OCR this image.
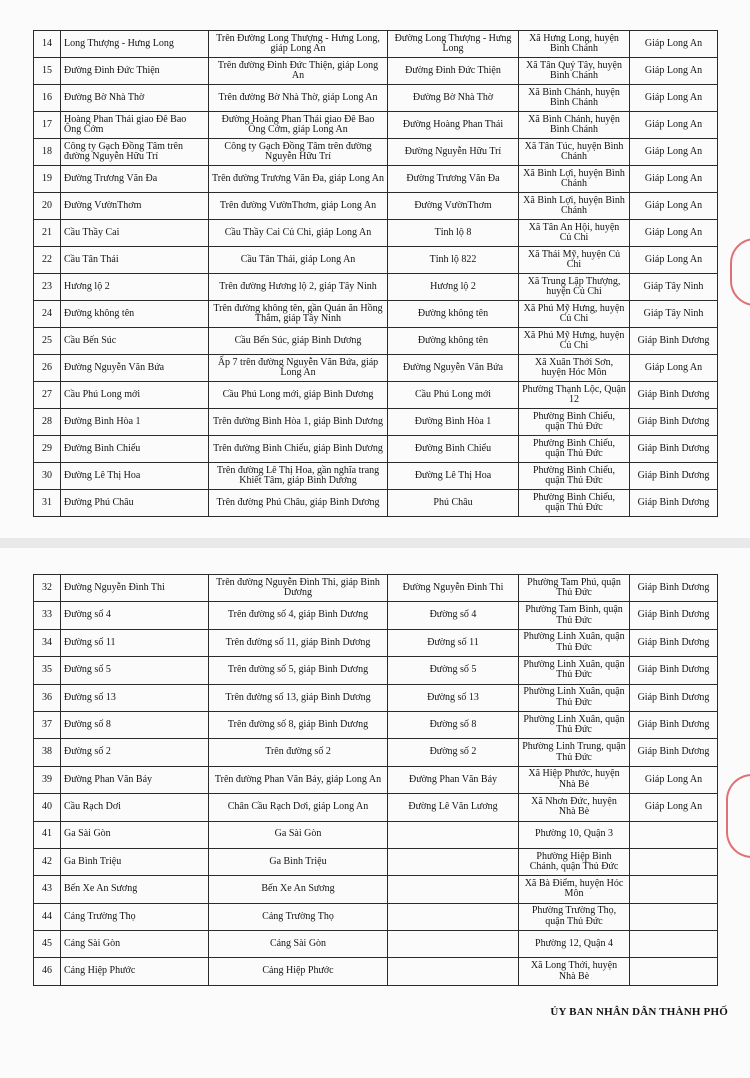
14	Long Thượng - Hưng Long	Trên Đường Long Thượng - Hưng Long, giáp Long An	Đường Long Thượng - Hưng Long	Xã Hưng Long, huyện Bình Chánh	Giáp Long An
15	Đường Đinh Đức Thiện	Trên đường Đinh Đức Thiện, giáp Long An	Đường Đinh Đức Thiện	Xã Tân Quý Tây, huyện Bình Chánh	Giáp Long An
16	Đường Bờ Nhà Thờ	Trên đường Bờ Nhà Thờ, giáp Long An	Đường Bờ Nhà Thờ	Xã Bình Chánh, huyện Bình Chánh	Giáp Long An
17	Hoàng Phan Thái giao Đê Bao Ông Cớm	Đường Hoàng Phan Thái giao Đê Bao Ông Cớm, giáp Long An	Đường Hoàng Phan Thái	Xã Bình Chánh, huyện Bình Chánh	Giáp Long An
18	Công ty Gạch Đồng Tâm trên đường Nguyễn Hữu Trí	Công ty Gạch Đồng Tâm trên đường Nguyễn Hữu Trí	Đường Nguyễn Hữu Trí	Xã Tân Túc, huyện Bình Chánh	Giáp Long An
19	Đường Trương Văn Đa	Trên đường Trương Văn Đa, giáp Long An	Đường Trương Văn Đa	Xã Bình Lợi, huyện Bình Chánh	Giáp Long An
20	Đường VườnThơm	Trên đường VườnThơm, giáp Long An	Đường VườnThơm	Xã Bình Lợi, huyện Bình Chánh	Giáp Long An
21	Cầu Thầy Cai	Cầu Thầy Cai Củ Chi, giáp Long An	Tỉnh lộ 8	Xã Tân An Hội, huyện Củ Chi	Giáp Long An
22	Cầu Tân Thái	Cầu Tân Thái, giáp Long An	Tỉnh lộ 822	Xã Thái Mỹ, huyện Củ Chi	Giáp Long An
23	Hương lộ 2	Trên đường Hương lộ 2, giáp Tây Ninh	Hương lộ 2	Xã Trung Lập Thượng, huyện Củ Chi	Giáp Tây Ninh
24	Đường không tên	Trên đường không tên, gần Quán ăn Hồng Thắm, giáp Tây Ninh	Đường không tên	Xã Phú Mỹ Hưng, huyện Củ Chi	Giáp Tây Ninh
25	Cầu Bến Súc	Cầu Bến Súc, giáp Bình Dương	Đường không tên	Xã Phú Mỹ Hưng, huyện Củ Chi	Giáp Bình Dương
26	Đường Nguyễn Văn Bứa	Ấp 7 trên đường Nguyễn Văn Bứa, giáp Long An	Đường Nguyễn Văn Bứa	Xã Xuân Thới Sơn, huyện Hóc Môn	Giáp Long An
27	Cầu Phú Long mới	Cầu Phú Long mới, giáp Bình Dương	Cầu Phú Long mới	Phường Thạnh Lộc, Quận 12	Giáp Bình Dương
28	Đường Bình Hòa 1	Trên đường Bình Hòa 1, giáp Bình Dương	Đường Bình Hòa 1	Phường Bình Chiểu, quận Thủ Đức	Giáp Bình Dương
29	Đường Bình Chiểu	Trên đường Bình Chiểu, giáp Bình Dương	Đường Bình Chiểu	Phường Bình Chiểu, quận Thủ Đức	Giáp Bình Dương
30	Đường Lê Thị Hoa	Trên đường Lê Thị Hoa, gần nghĩa trang Khiết Tâm, giáp Bình Dương	Đường Lê Thị Hoa	Phường Bình Chiểu, quận Thủ Đức	Giáp Bình Dương
31	Đường Phú Châu	Trên đường Phú Châu, giáp Bình Dương	Phú Châu	Phường Bình Chiểu, quận Thủ Đức	Giáp Bình Dương
32	Đường Nguyễn Đình Thi	Trên đường Nguyễn Đình Thi, giáp Bình Dương	Đường Nguyễn Đình Thi	Phường Tam Phú, quận Thủ Đức	Giáp Bình Dương
33	Đường số 4	Trên đường số 4, giáp Bình Dương	Đường số 4	Phường Tam Bình, quận Thủ Đức	Giáp Bình Dương
34	Đường số 11	Trên đường số 11, giáp Bình Dương	Đường số 11	Phường Linh Xuân, quận Thủ Đức	Giáp Bình Dương
35	Đường số 5	Trên đường số 5, giáp Bình Dương	Đường số 5	Phường Linh Xuân, quận Thủ Đức	Giáp Bình Dương
36	Đường số 13	Trên đường số 13, giáp Bình Dương	Đường số 13	Phường Linh Xuân, quận Thủ Đức	Giáp Bình Dương
37	Đường số 8	Trên đường số 8, giáp Bình Dương	Đường số 8	Phường Linh Xuân, quận Thủ Đức	Giáp Bình Dương
38	Đường số 2	Trên đường số 2	Đường số 2	Phường Linh Trung, quận Thủ Đức	Giáp Bình Dương
39	Đường Phan Văn Bảy	Trên đường Phan Văn Bảy, giáp Long An	Đường Phan Văn Bảy	Xã Hiệp Phước, huyện Nhà Bè	Giáp Long An
40	Cầu Rạch Dơi	Chân Cầu Rạch Dơi, giáp Long An	Đường Lê Văn Lương	Xã Nhơn Đức, huyện Nhà Bè	Giáp Long An
41	Ga Sài Gòn	Ga Sài Gòn		Phường 10, Quận 3	
42	Ga Bình Triệu	Ga Bình Triệu		Phường Hiệp Bình Chánh, quận Thủ Đức	
43	Bến Xe An Sương	Bến Xe An Sương		Xã Bà Điểm, huyện Hóc Môn	
44	Cảng Trường Thọ	Cảng Trường Thọ		Phường Trường Thọ, quận Thủ Đức	
45	Cảng Sài Gòn	Cảng Sài Gòn		Phường 12, Quận 4	
46	Cảng Hiệp Phước	Cảng Hiệp Phước		Xã Long Thới, huyện Nhà Bè	
ỦY BAN NHÂN DÂN THÀNH PHỐ
